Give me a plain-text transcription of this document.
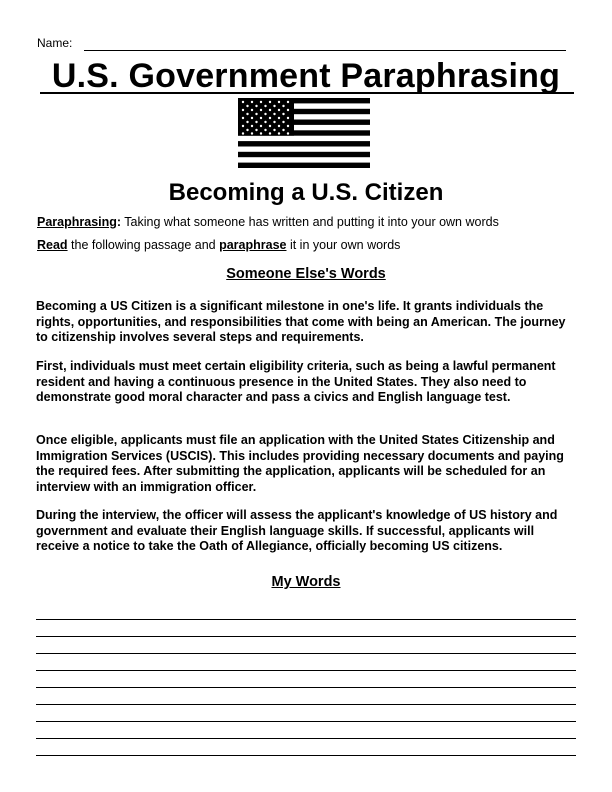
Name:
U.S. Government Paraphrasing
Becoming a U.S. Citizen
Paraphrasing: Taking what someone has written and putting it into your own words
Read the following passage and paraphrase it in your own words
Someone Else's Words

Becoming a US Citizen is a significant milestone in one's life. It grants individuals the rights, opportunities, and responsibilities that come with being an American. The journey to citizenship involves several steps and requirements.

First, individuals must meet certain eligibility criteria, such as being a lawful permanent resident and having a continuous presence in the United States. They also need to demonstrate good moral character and pass a civics and English language test.

Once eligible, applicants must file an application with the United States Citizenship and Immigration Services (USCIS). This includes providing necessary documents and paying the required fees. After submitting the application, applicants will be scheduled for an interview with an immigration officer.

During the interview, the officer will assess the applicant's knowledge of US history and government and evaluate their English language skills. If successful, applicants will receive a notice to take the Oath of Allegiance, officially becoming US citizens.

My Words
